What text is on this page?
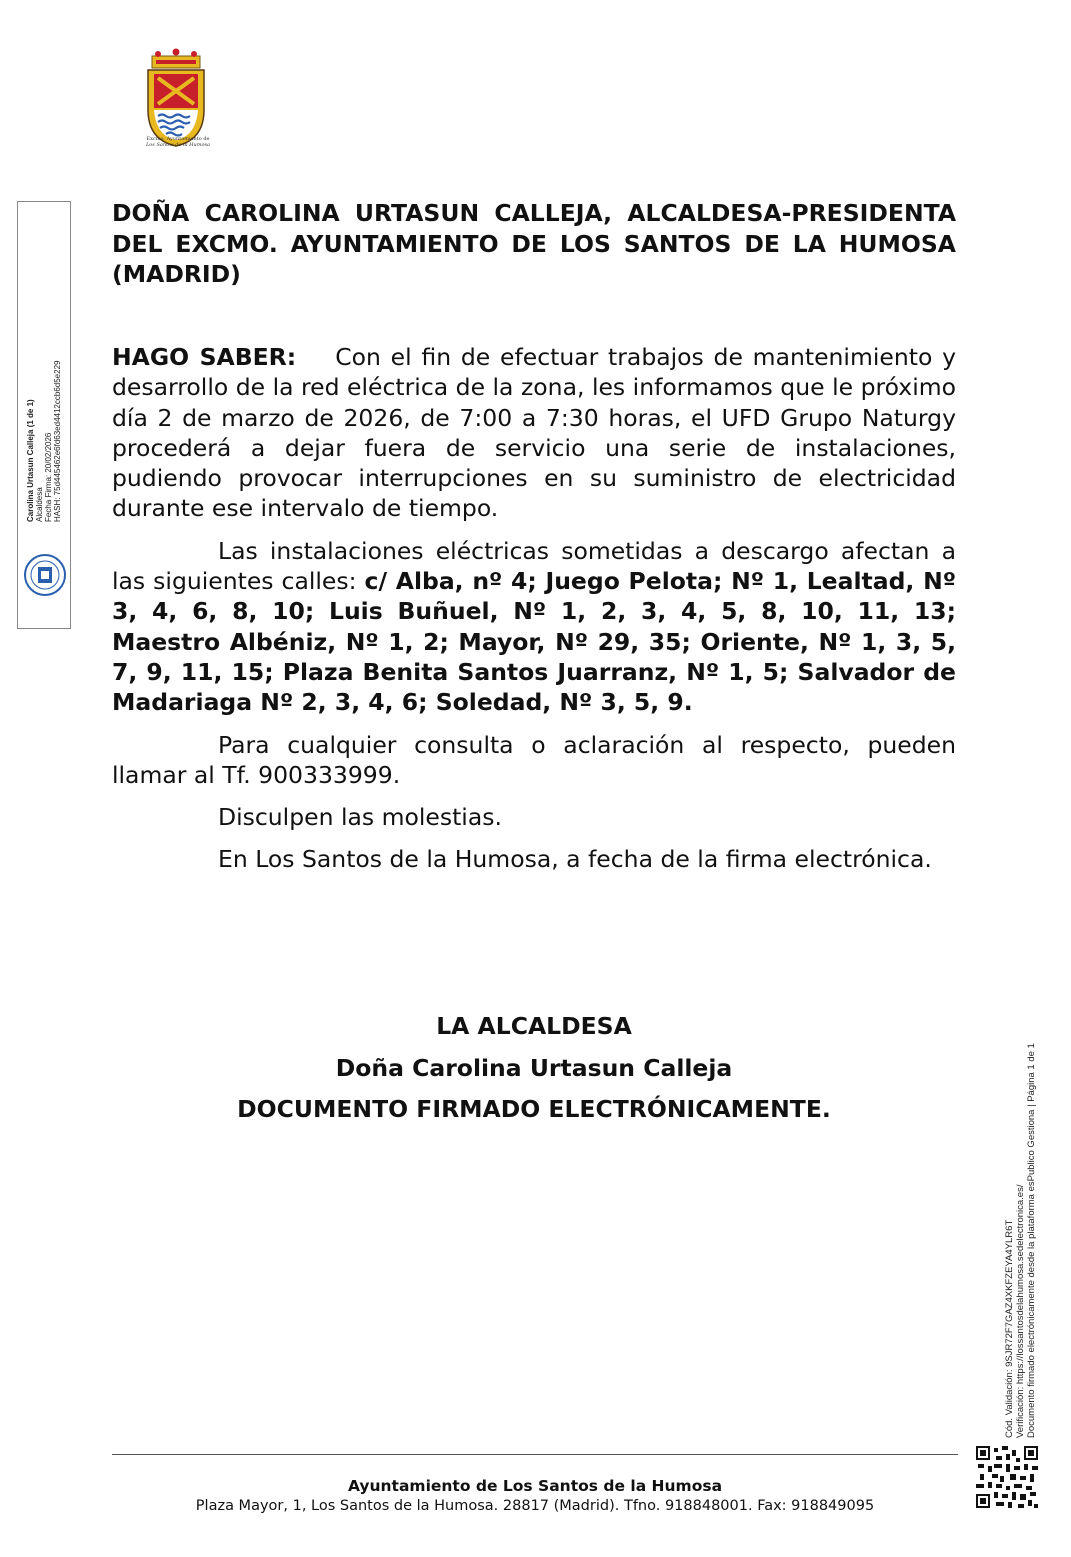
Excmo. Ayuntamiento de
Los Santos de la Humosa
Carolina Urtasun Calleja (1 de 1) Alcaldesa Fecha Firma: 20/02/2026 HASH: 75d445462e6fd63ed4412ccb6d5e229
DOÑA CAROLINA URTASUN CALLEJA, ALCALDESA-PRESIDENTA DEL EXCMO. AYUNTAMIENTO DE LOS SANTOS DE LA HUMOSA (MADRID)

HAGO SABER: Con el fin de efectuar trabajos de mantenimiento y desarrollo de la red eléctrica de la zona, les informamos que le próximo día 2 de marzo de 2026, de 7:00 a 7:30 horas, el UFD Grupo Naturgy procederá a dejar fuera de servicio una serie de instalaciones, pudiendo provocar interrupciones en su suministro de electricidad durante ese intervalo de tiempo.

Las instalaciones eléctricas sometidas a descargo afectan a las siguientes calles: c/ Alba, nº 4; Juego Pelota; Nº 1, Lealtad, Nº 3, 4, 6, 8, 10; Luis Buñuel, Nº 1, 2, 3, 4, 5, 8, 10, 11, 13; Maestro Albéniz, Nº 1, 2; Mayor, Nº 29, 35; Oriente, Nº 1, 3, 5, 7, 9, 11, 15; Plaza Benita Santos Juarranz, Nº 1, 5; Salvador de Madariaga Nº 2, 3, 4, 6; Soledad, Nº 3, 5, 9.

Para cualquier consulta o aclaración al respecto, pueden llamar al Tf. 900333999.

Disculpen las molestias.

En Los Santos de la Humosa, a fecha de la firma electrónica.

LA ALCALDESA
Doña Carolina Urtasun Calleja
DOCUMENTO FIRMADO ELECTRÓNICAMENTE.
Cód. Validación: 9SJR72F7GAZ4XKFZEYA4YLR6T Verificación: https://lossantosdelahumosa.sedelectronica.es/ Documento firmado electrónicamente desde la plataforma esPublico Gestiona | Página 1 de 1
Ayuntamiento de Los Santos de la Humosa
Plaza Mayor, 1, Los Santos de la Humosa. 28817 (Madrid). Tfno. 918848001. Fax: 918849095
